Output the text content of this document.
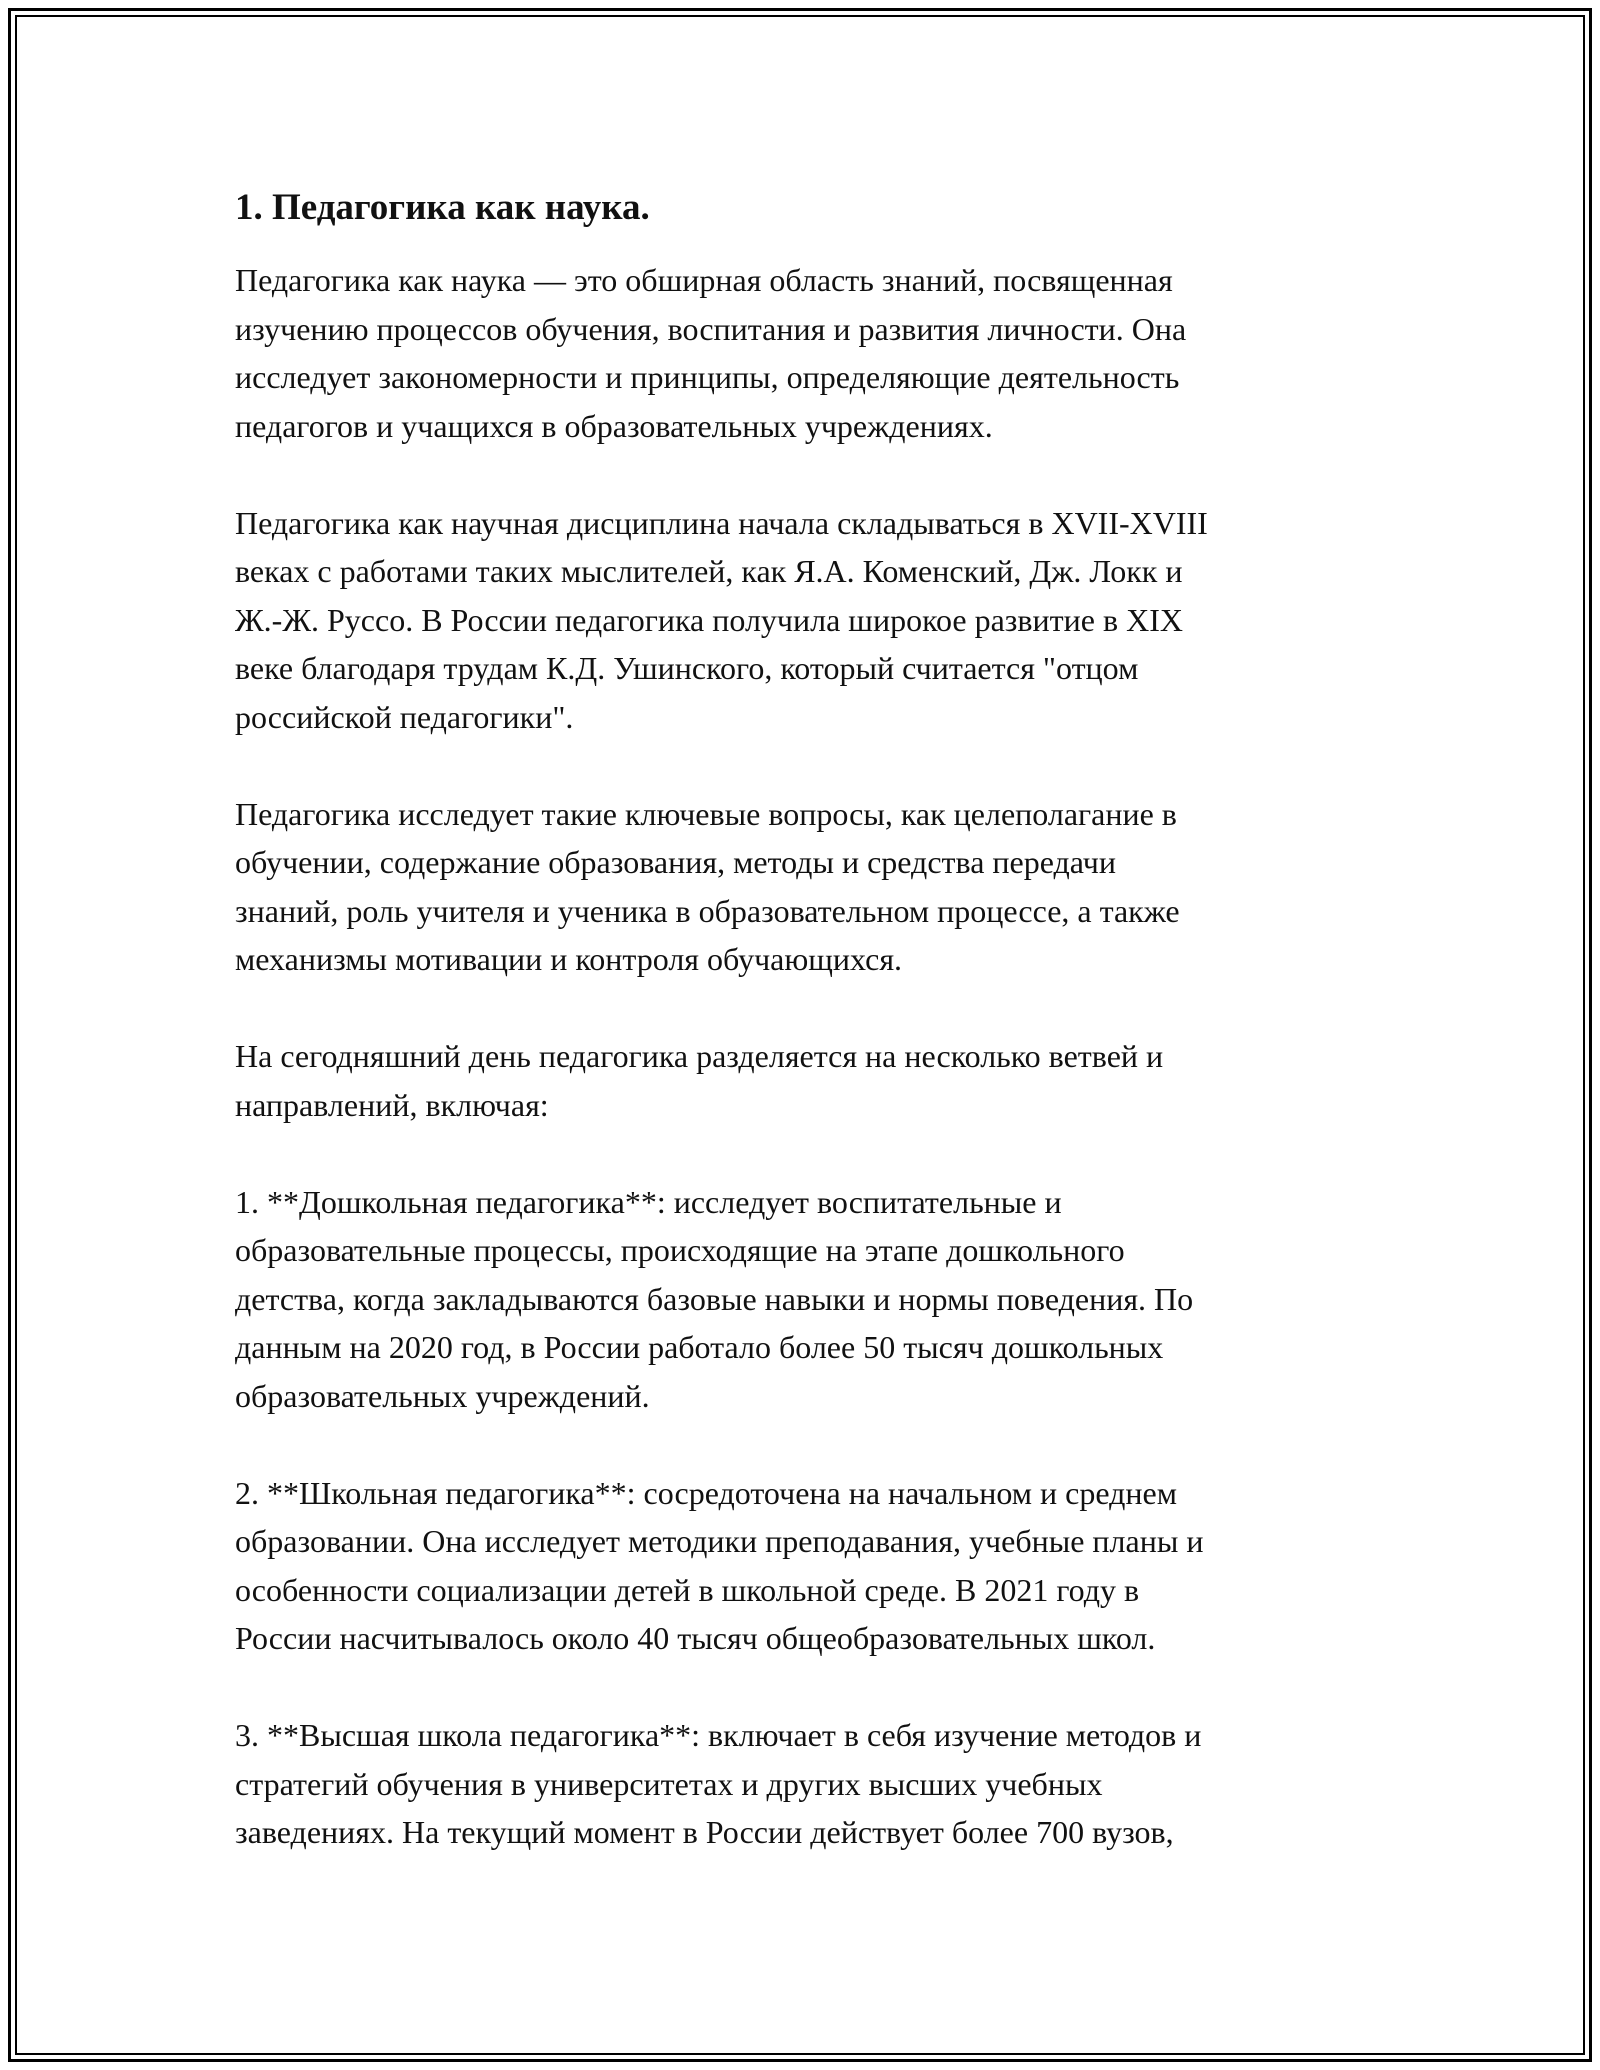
1. Педагогика как наука.
Педагогика как наука — это обширная область знаний, посвященная
изучению процессов обучения, воспитания и развития личности. Она
исследует закономерности и принципы, определяющие деятельность
педагогов и учащихся в образовательных учреждениях.
Педагогика как научная дисциплина начала складываться в XVII-XVIII
веках с работами таких мыслителей, как Я.А. Коменский, Дж. Локк и
Ж.-Ж. Руссо. В России педагогика получила широкое развитие в XIX
веке благодаря трудам К.Д. Ушинского, который считается "отцом
российской педагогики".
Педагогика исследует такие ключевые вопросы, как целеполагание в
обучении, содержание образования, методы и средства передачи
знаний, роль учителя и ученика в образовательном процессе, а также
механизмы мотивации и контроля обучающихся.
На сегодняшний день педагогика разделяется на несколько ветвей и
направлений, включая:
1. **Дошкольная педагогика**: исследует воспитательные и
образовательные процессы, происходящие на этапе дошкольного
детства, когда закладываются базовые навыки и нормы поведения. По
данным на 2020 год, в России работало более 50 тысяч дошкольных
образовательных учреждений.
2. **Школьная педагогика**: сосредоточена на начальном и среднем
образовании. Она исследует методики преподавания, учебные планы и
особенности социализации детей в школьной среде. В 2021 году в
России насчитывалось около 40 тысяч общеобразовательных школ.
3. **Высшая школа педагогика**: включает в себя изучение методов и
стратегий обучения в университетах и других высших учебных
заведениях. На текущий момент в России действует более 700 вузов,
